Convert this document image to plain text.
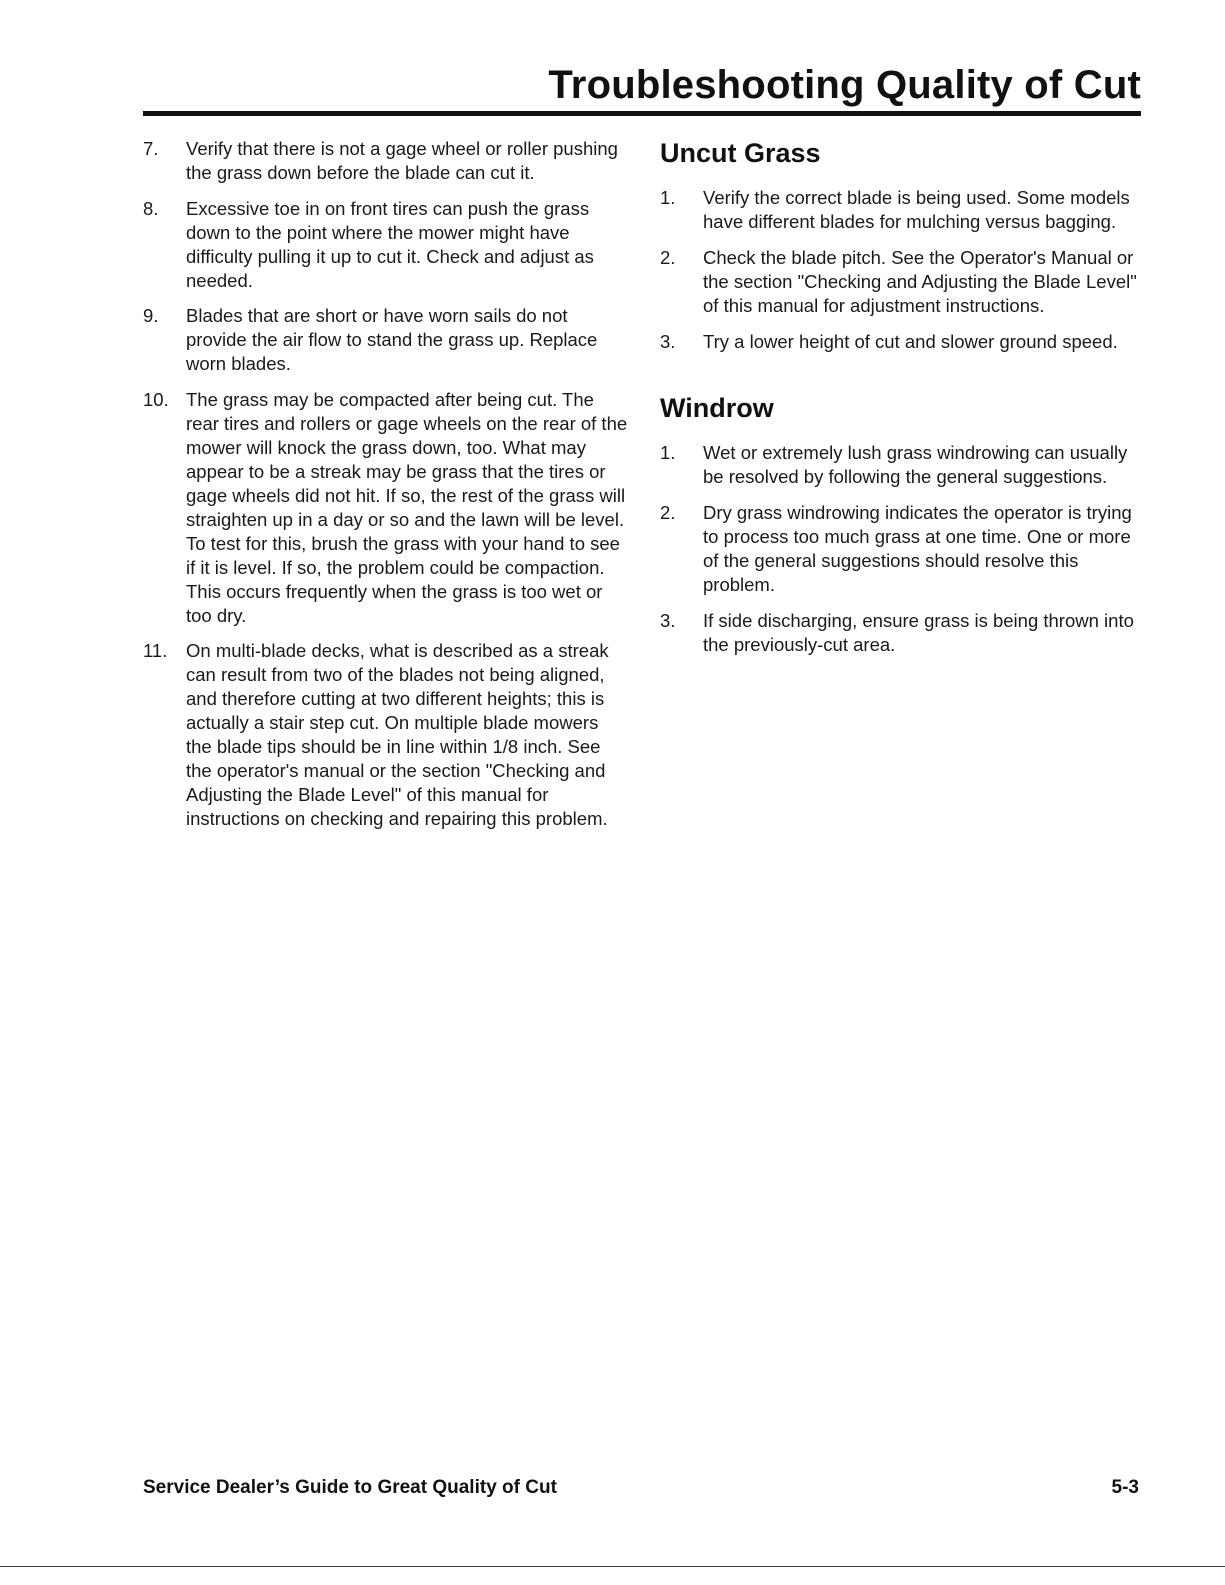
Troubleshooting Quality of Cut
7.	Verify that there is not a gage wheel or roller pushing the grass down before the blade can cut it.
8.	Excessive toe in on front tires can push the grass down to the point where the mower might have difficulty pulling it up to cut it. Check and adjust as needed.
9.	Blades that are short or have worn sails do not provide the air flow to stand the grass up. Replace worn blades.
10. The grass may be compacted after being cut. The rear tires and rollers or gage wheels on the rear of the mower will knock the grass down, too. What may appear to be a streak may be grass that the tires or gage wheels did not hit. If so, the rest of the grass will straighten up in a day or so and the lawn will be level. To test for this, brush the grass with your hand to see if it is level. If so, the problem could be compaction. This occurs frequently when the grass is too wet or too dry.
11.	On multi-blade decks, what is described as a streak can result from two of the blades not being aligned, and therefore cutting at two different heights; this is actually a stair step cut. On multiple blade mowers the blade tips should be in line within 1/8 inch. See the operator's manual or the section "Checking and Adjusting the Blade Level" of this manual for instructions on checking and repairing this problem.
Uncut Grass
1.	Verify the correct blade is being used. Some models have different blades for mulching versus bagging.
2.	Check the blade pitch. See the Operator's Manual or the section "Checking and Adjusting the Blade Level" of this manual for adjustment instructions.
3.	Try a lower height of cut and slower ground speed.
Windrow
1.	Wet or extremely lush grass windrowing can usually be resolved by following the general suggestions.
2.	Dry grass windrowing indicates the operator is trying to process too much grass at one time. One or more of the general suggestions should resolve this problem.
3.	If side discharging, ensure grass is being thrown into the previously-cut area.

Service Dealer’s Guide to Great Quality of Cut	5-3
